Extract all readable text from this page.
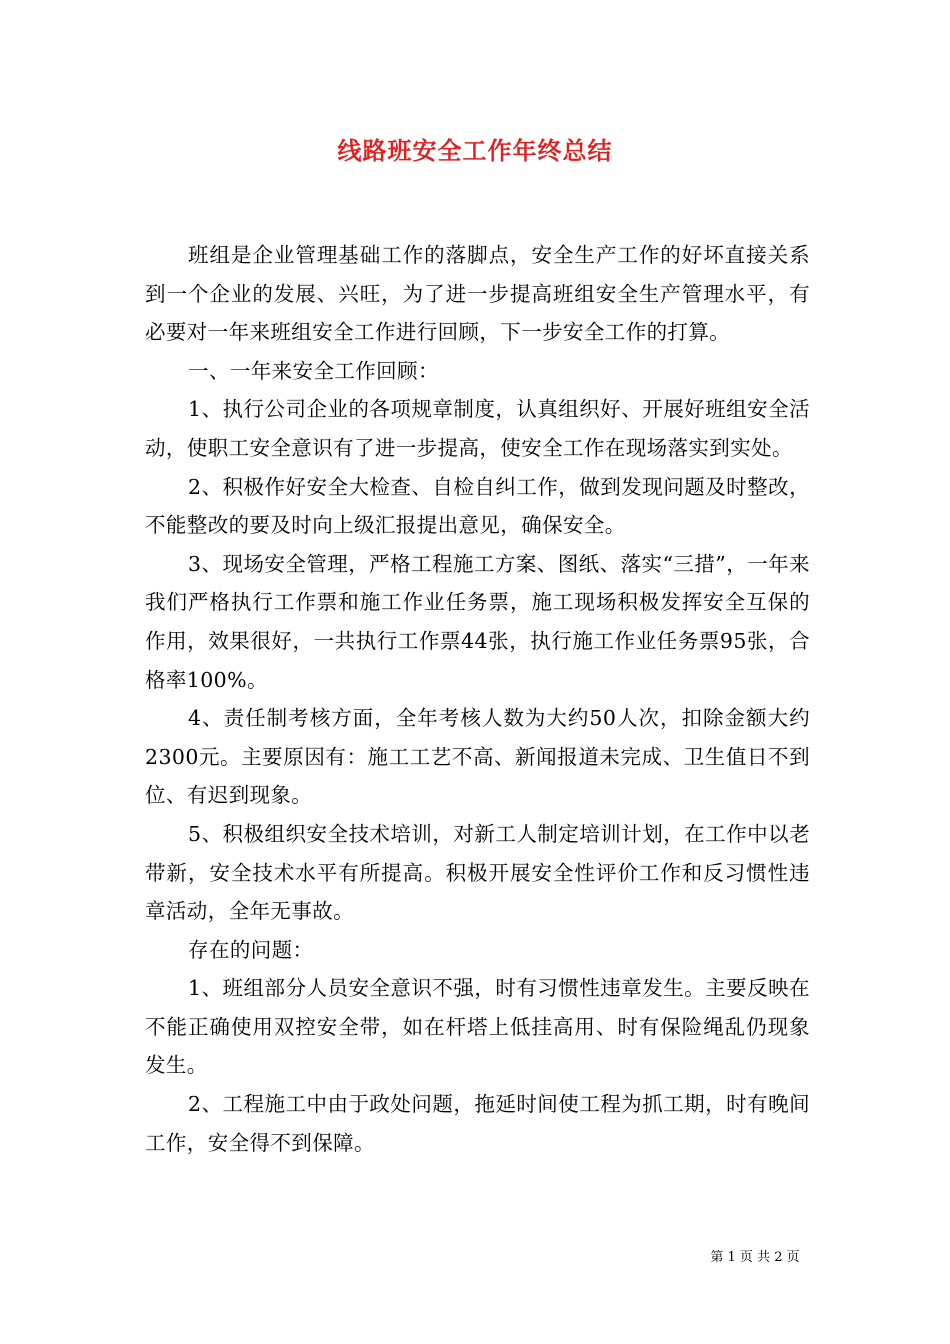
线路班安全工作年终总结

班组是企业管理基础工作的落脚点，安全生产工作的好坏直接关系到一个企业的发展、兴旺，为了进一步提高班组安全生产管理水平，有必要对一年来班组安全工作进行回顾，下一步安全工作的打算。

一、一年来安全工作回顾：

1、执行公司企业的各项规章制度，认真组织好、开展好班组安全活动，使职工安全意识有了进一步提高，使安全工作在现场落实到实处。

2、积极作好安全大检查、自检自纠工作，做到发现问题及时整改，不能整改的要及时向上级汇报提出意见，确保安全。

3、现场安全管理，严格工程施工方案、图纸、落实“三措”，一年来我们严格执行工作票和施工作业任务票，施工现场积极发挥安全互保的作用，效果很好，一共执行工作票44张，执行施工作业任务票95张，合格率100%。

4、责任制考核方面，全年考核人数为大约50人次，扣除金额大约2300元。主要原因有：施工工艺不高、新闻报道未完成、卫生值日不到位、有迟到现象。

5、积极组织安全技术培训，对新工人制定培训计划，在工作中以老带新，安全技术水平有所提高。积极开展安全性评价工作和反习惯性违章活动，全年无事故。

存在的问题：

1、班组部分人员安全意识不强，时有习惯性违章发生。主要反映在不能正确使用双控安全带，如在杆塔上低挂高用、时有保险绳乱仍现象发生。

2、工程施工中由于政处问题，拖延时间使工程为抓工期，时有晚间工作，安全得不到保障。

第 1 页 共 2 页
